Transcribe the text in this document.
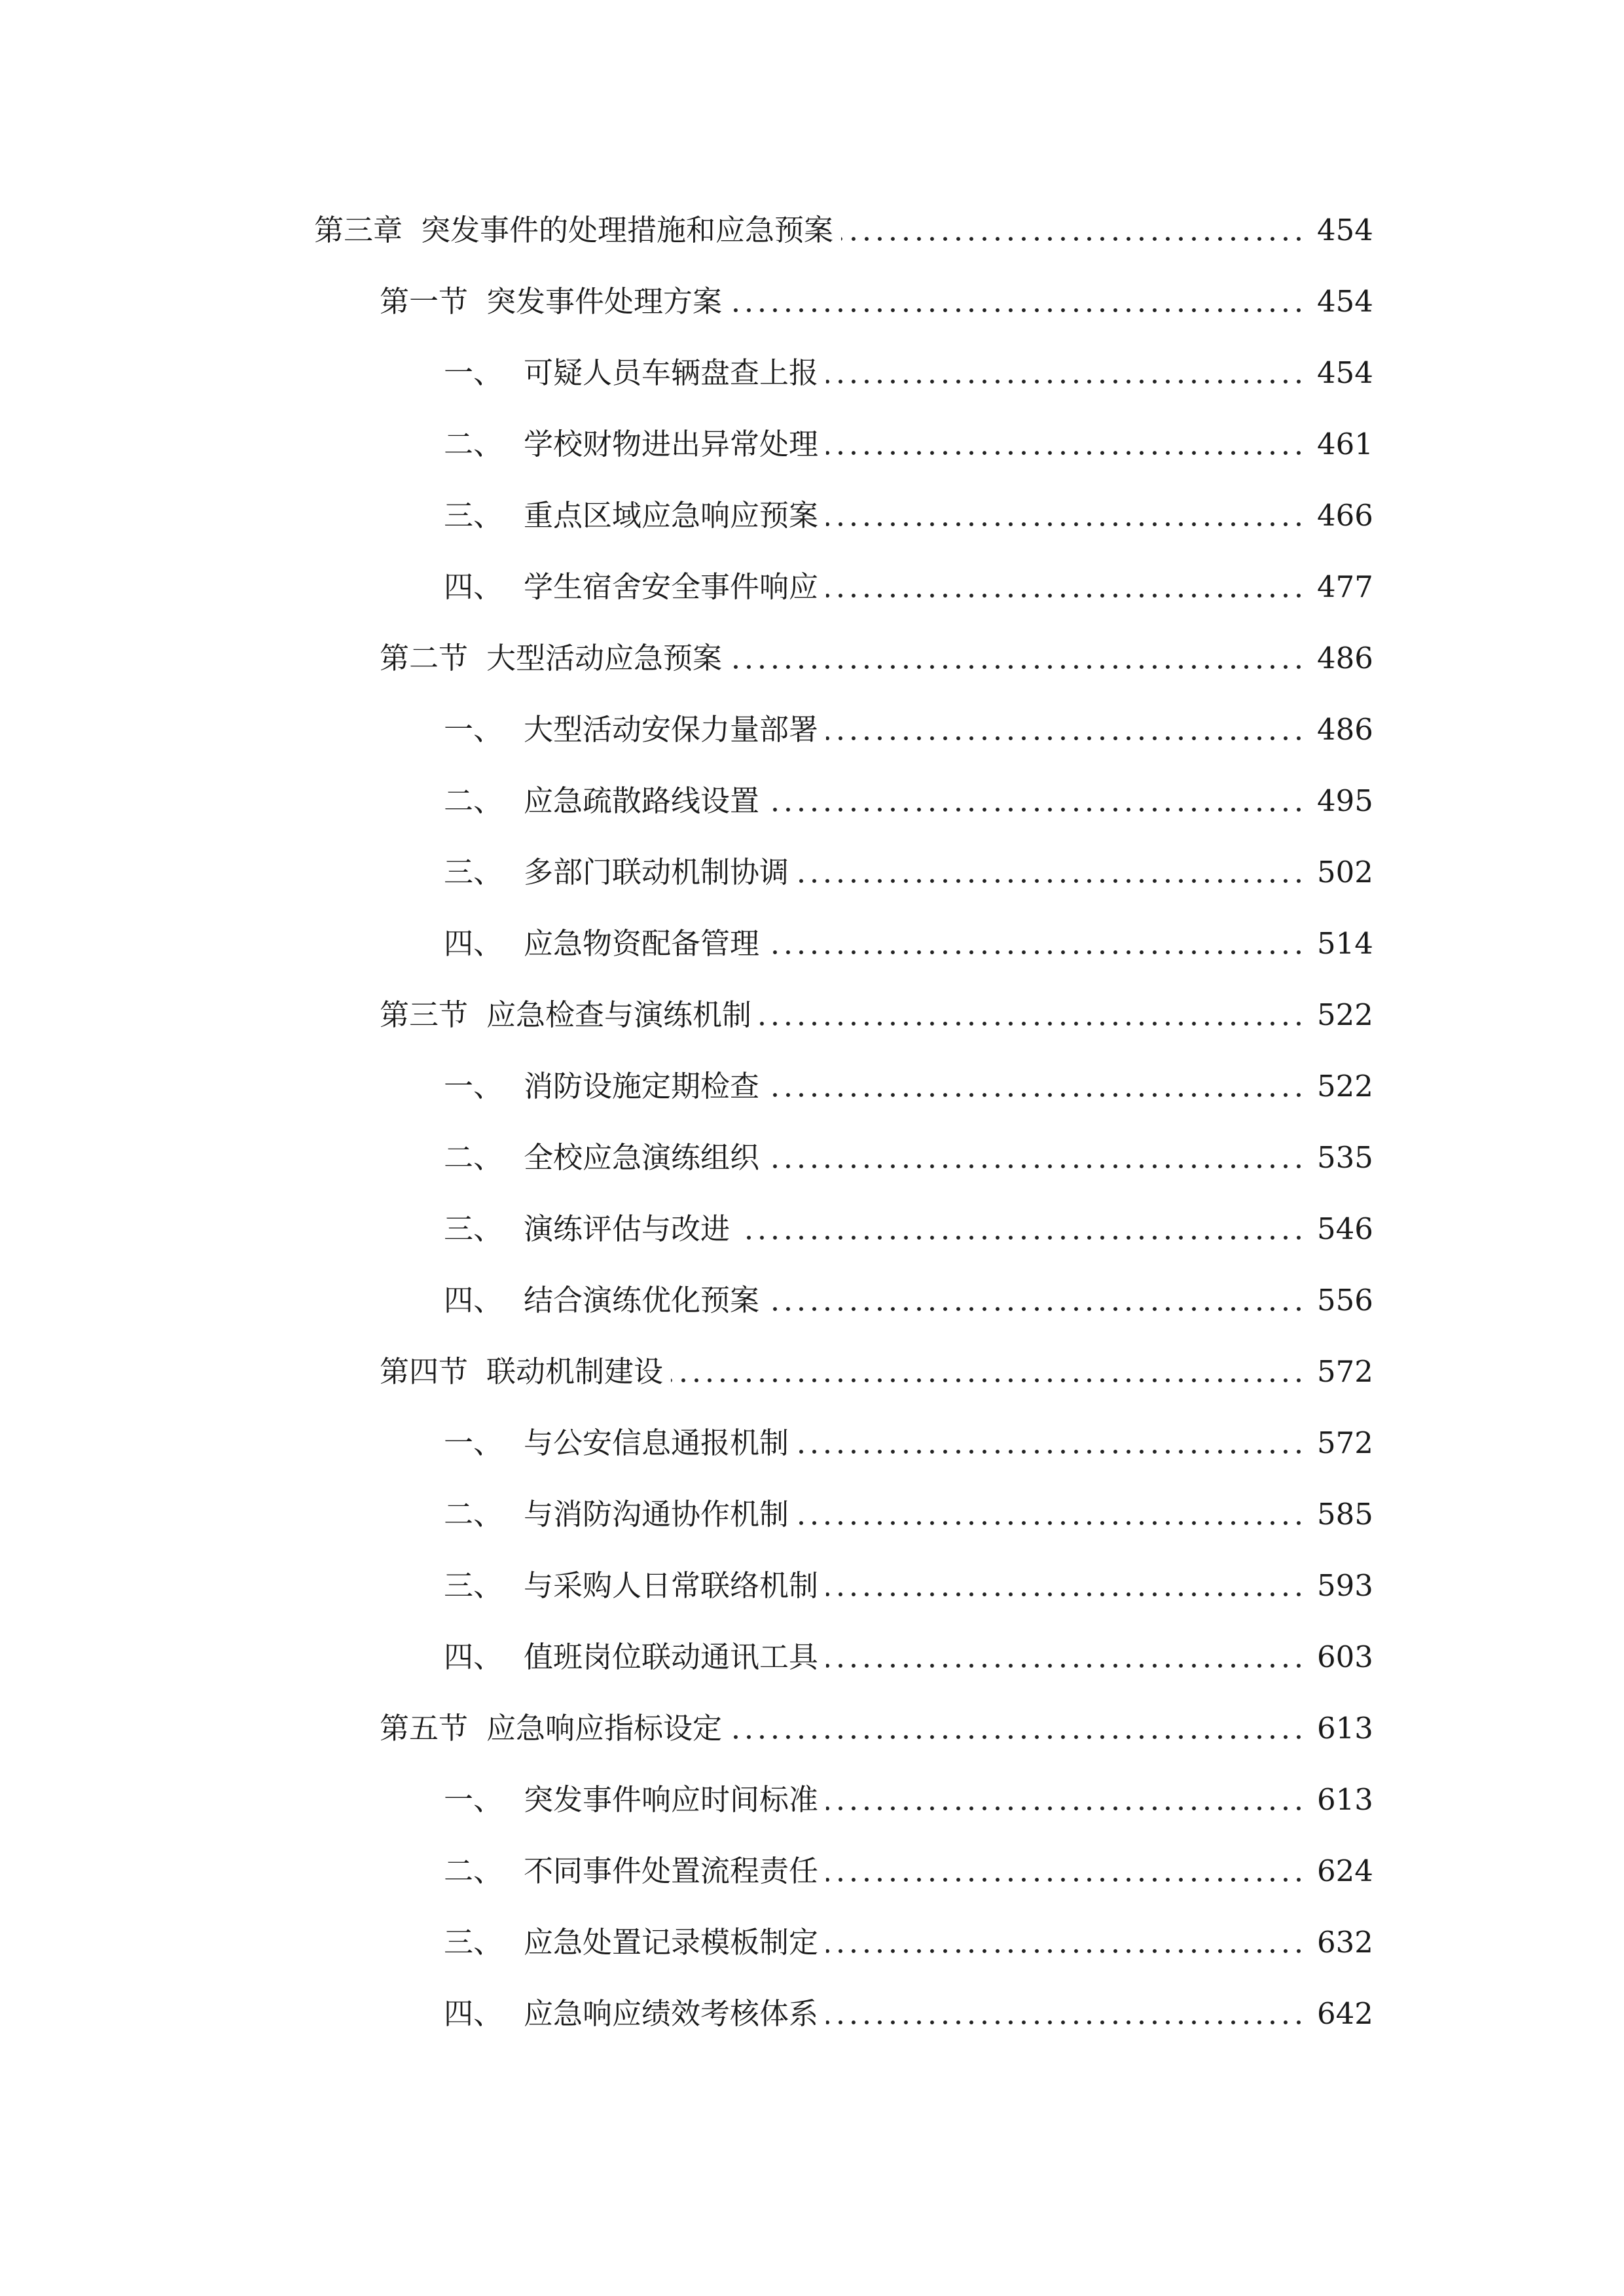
第三章 突发事件的处理措施和应急预案	454
第一节 突发事件处理方案	454
一、 可疑人员车辆盘查上报	454
二、 学校财物进出异常处理	461
三、 重点区域应急响应预案	466
四、 学生宿舍安全事件响应	477
第二节 大型活动应急预案	486
一、 大型活动安保力量部署	486
二、 应急疏散路线设置	495
三、 多部门联动机制协调	502
四、 应急物资配备管理	514
第三节 应急检查与演练机制	522
一、 消防设施定期检查	522
二、 全校应急演练组织	535
三、 演练评估与改进	546
四、 结合演练优化预案	556
第四节 联动机制建设	572
一、 与公安信息通报机制	572
二、 与消防沟通协作机制	585
三、 与采购人日常联络机制	593
四、 值班岗位联动通讯工具	603
第五节 应急响应指标设定	613
一、 突发事件响应时间标准	613
二、 不同事件处置流程责任	624
三、 应急处置记录模板制定	632
四、 应急响应绩效考核体系	642
